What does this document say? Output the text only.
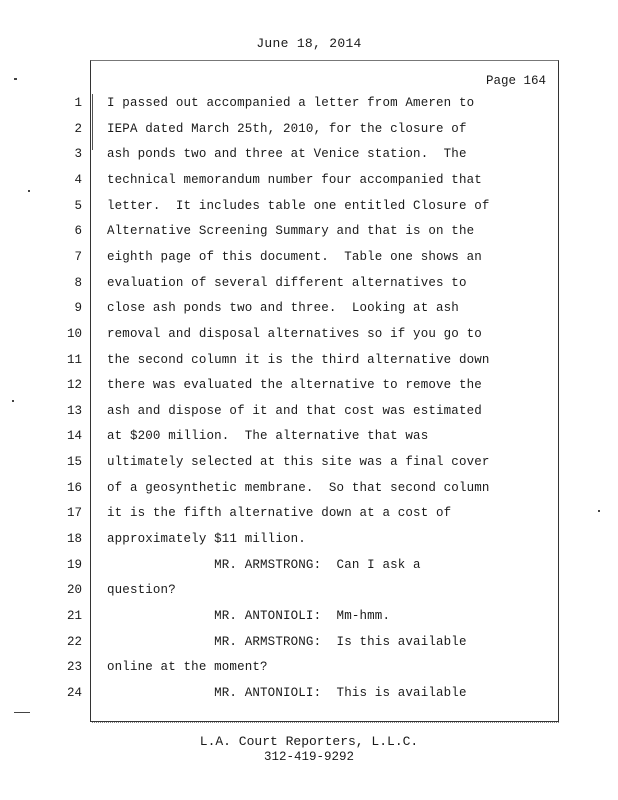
June 18, 2014
Page 164
1 I passed out accompanied a letter from Ameren to
2 IEPA dated March 25th, 2010, for the closure of
3 ash ponds two and three at Venice station.  The
4 technical memorandum number four accompanied that
5 letter.  It includes table one entitled Closure of
6 Alternative Screening Summary and that is on the
7 eighth page of this document.  Table one shows an
8 evaluation of several different alternatives to
9 close ash ponds two and three.  Looking at ash
10 removal and disposal alternatives so if you go to
11 the second column it is the third alternative down
12 there was evaluated the alternative to remove the
13 ash and dispose of it and that cost was estimated
14 at $200 million.  The alternative that was
15 ultimately selected at this site was a final cover
16 of a geosynthetic membrane.  So that second column
17 it is the fifth alternative down at a cost of
18 approximately $11 million.
19 MR. ARMSTRONG:  Can I ask a
20 question?
21 MR. ANTONIOLI:  Mm-hmm.
22 MR. ARMSTRONG:  Is this available
23 online at the moment?
24 MR. ANTONIOLI:  This is available
L.A. Court Reporters, L.L.C.
312-419-9292
